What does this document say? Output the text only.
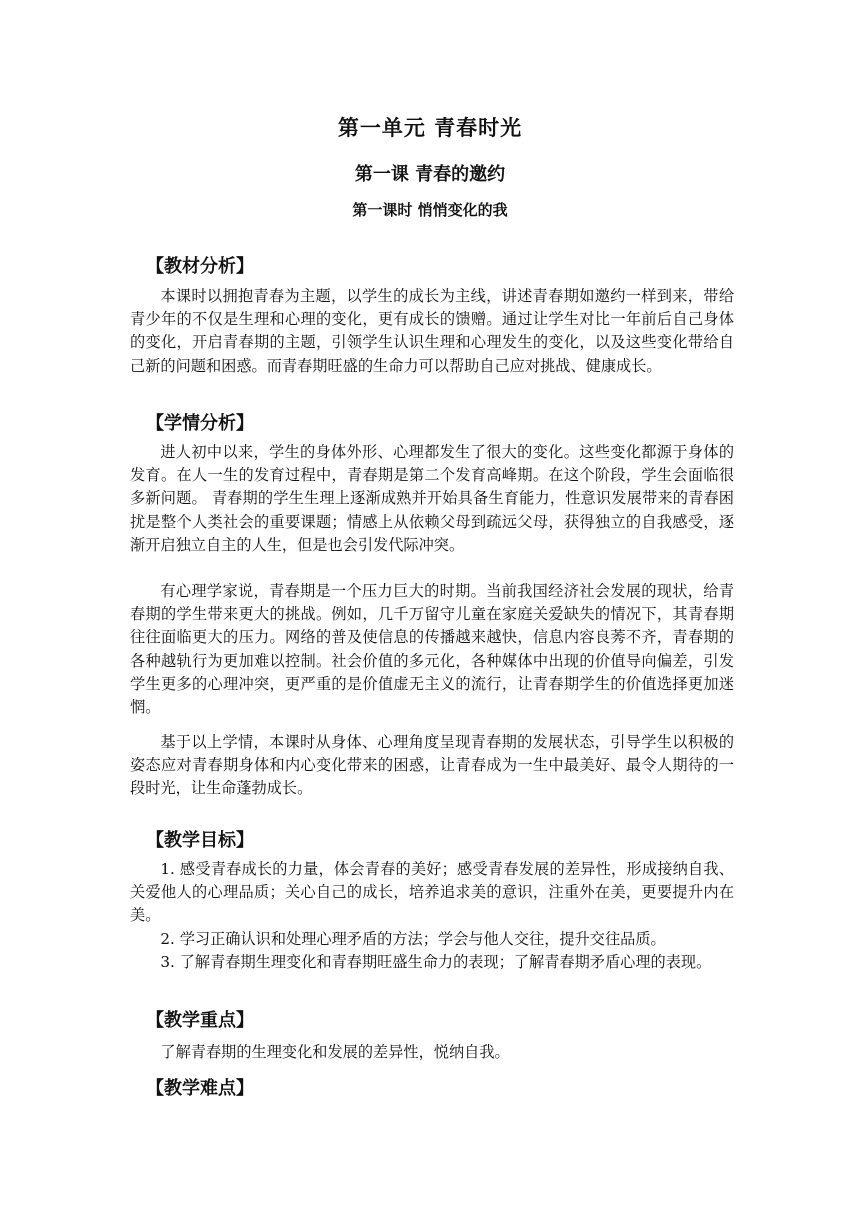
第一单元 青春时光
第一课 青春的邀约
第一课时 悄悄变化的我
【教材分析】

本课时以拥抱青春为主题，以学生的成长为主线，讲述青春期如邀约一样到来，带给青少年的不仅是生理和心理的变化，更有成长的馈赠。通过让学生对比一年前后自己身体的变化，开启青春期的主题，引领学生认识生理和心理发生的变化，以及这些变化带给自己新的问题和困惑。而青春期旺盛的生命力可以帮助自己应对挑战、健康成长。

【学情分析】

进人初中以来，学生的身体外形、心理都发生了很大的变化。这些变化都源于身体的发育。在人一生的发育过程中，青春期是第二个发育高峰期。在这个阶段，学生会面临很多新问题。 青春期的学生生理上逐渐成熟并开始具备生育能力，性意识发展带来的青春困扰是整个人类社会的重要课题；情感上从依赖父母到疏远父母，获得独立的自我感受，逐渐开启独立自主的人生，但是也会引发代际冲突。

有心理学家说，青春期是一个压力巨大的时期。当前我国经济社会发展的现状，给青春期的学生带来更大的挑战。例如，几千万留守儿童在家庭关爱缺失的情况下，其青春期往往面临更大的压力。网络的普及使信息的传播越来越快，信息内容良莠不齐，青春期的各种越轨行为更加难以控制。社会价值的多元化，各种媒体中出现的价值导向偏差，引发学生更多的心理冲突，更严重的是价值虚无主义的流行，让青春期学生的价值选择更加迷惘。

基于以上学情，本课时从身体、心理角度呈现青春期的发展状态，引导学生以积极的姿态应对青春期身体和内心变化带来的困惑，让青春成为一生中最美好、最令人期待的一段时光，让生命蓬勃成长。

【教学目标】

1. 感受青春成长的力量，体会青春的美好；感受青春发展的差异性，形成接纳自我、关爱他人的心理品质；关心自己的成长，培养追求美的意识，注重外在美，更要提升内在美。

2. 学习正确认识和处理心理矛盾的方法；学会与他人交往，提升交往品质。

3. 了解青春期生理变化和青春期旺盛生命力的表现；了解青春期矛盾心理的表现。

【教学重点】

了解青春期的生理变化和发展的差异性，悦纳自我。

【教学难点】
